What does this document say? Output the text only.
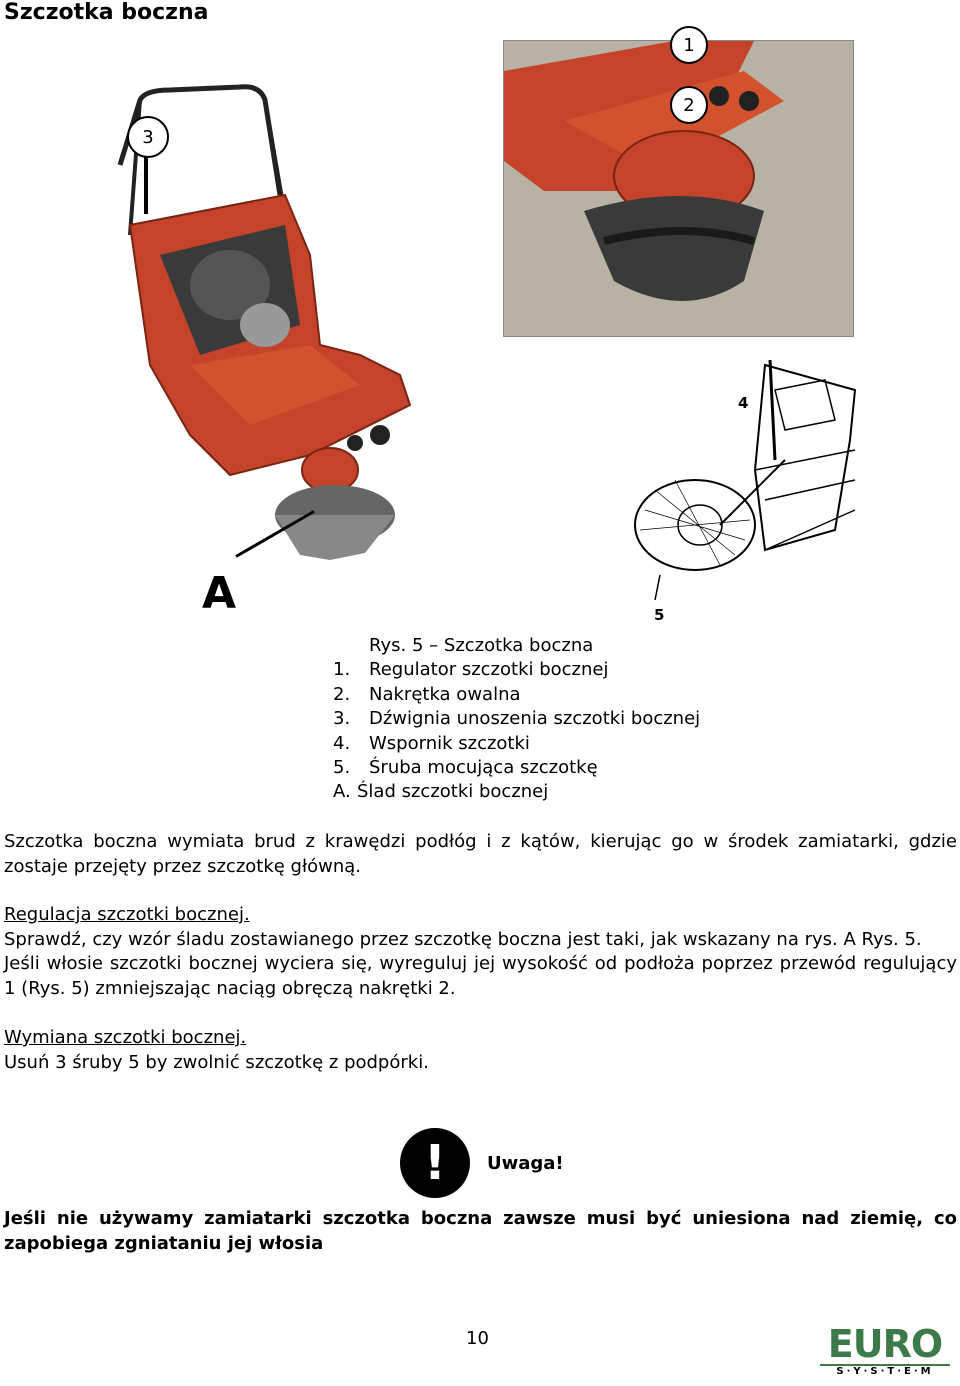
Szczotka boczna
3
A
1
2
4
5
Rys. 5 – Szczotka boczna
1.	Regulator szczotki bocznej
2.	Nakrętka owalna
3.	Dźwignia unoszenia szczotki bocznej
4.	Wspornik szczotki
5.	Śruba mocująca szczotkę
A. Ślad szczotki bocznej

Szczotka boczna wymiata brud z krawędzi podłóg i z kątów, kierując go w środek zamiatarki, gdzie zostaje przejęty przez szczotkę główną.

Regulacja szczotki bocznej.

Sprawdź, czy wzór śladu zostawianego przez szczotkę boczna jest taki, jak wskazany na rys. A Rys. 5.

Jeśli włosie szczotki bocznej wyciera się, wyreguluj jej wysokość od podłoża poprzez przewód regulujący 1 (Rys. 5) zmniejszając naciąg obręczą nakrętki 2.

Wymiana szczotki bocznej.

Usuń 3 śruby 5 by zwolnić szczotkę z podpórki.

! Uwaga!
Jeśli nie używamy zamiatarki szczotka boczna zawsze musi być uniesiona nad ziemię, co zapobiega zgniataniu jej włosia
10	EURO
S·Y·S·T·E·M
